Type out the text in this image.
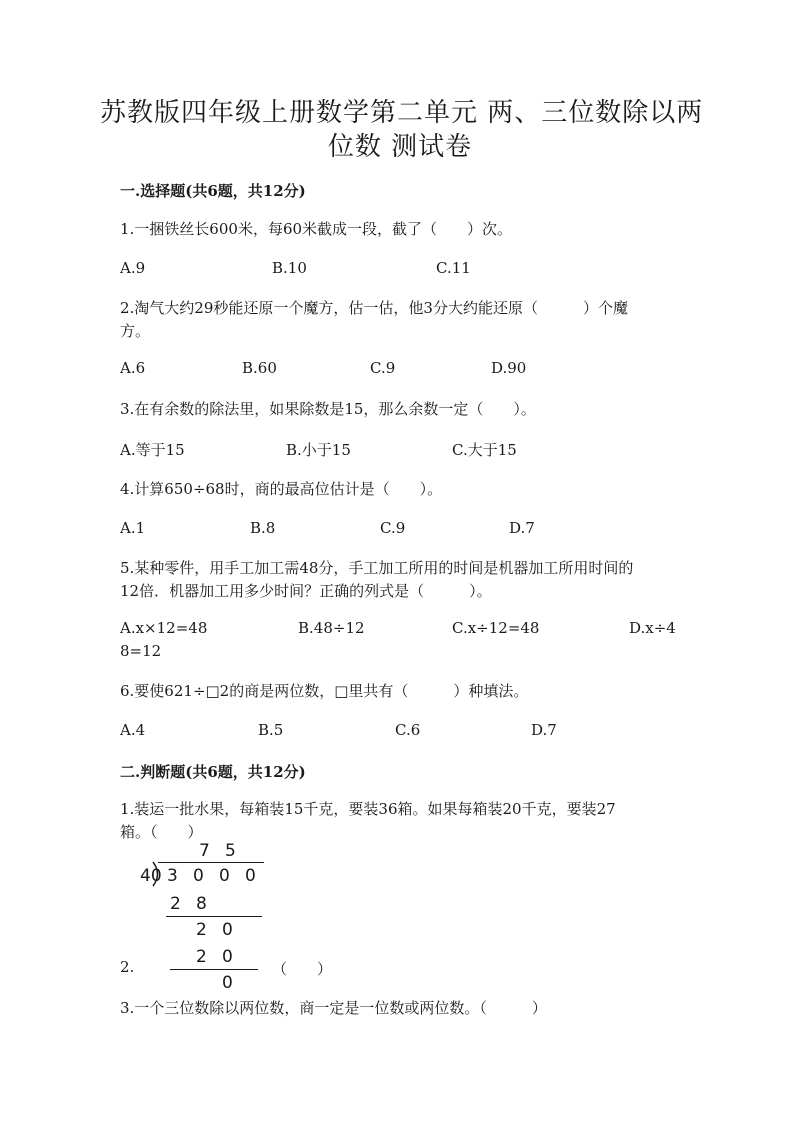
苏教版四年级上册数学第二单元 两、三位数除以两
位数 测试卷
一.选择题(共6题，共12分)
1.一捆铁丝长600米，每60米截成一段，截了（　　）次。
A.9	B.10	C.11
2.淘气大约29秒能还原一个魔方，估一估，他3分大约能还原（　　　）个魔
方。
A.6	B.60	C.9	D.90
3.在有余数的除法里，如果除数是15，那么余数一定（　　）。
A.等于15	B.小于15	C.大于15
4.计算650÷68时，商的最高位估计是（　　）。
A.1	B.8	C.9	D.7
5.某种零件，用手工加工需48分，手工加工所用的时间是机器加工所用时间的
12倍．机器加工用多少时间？正确的列式是（　　　）。
A.x×12=48	B.48÷12	C.x÷12=48	D.x÷4
8=12
6.要使621÷□2的商是两位数，□里共有（　　　）种填法。
A.4	B.5	C.6	D.7
二.判断题(共6题，共12分)
1.装运一批水果，每箱装15千克，要装36箱。如果每箱装20千克，要装27
箱。（　　）
7 5
40 3 0 0 0
2 8
2 0
2 0
0
2.	（　　）
3.一个三位数除以两位数，商一定是一位数或两位数。（　　　）
